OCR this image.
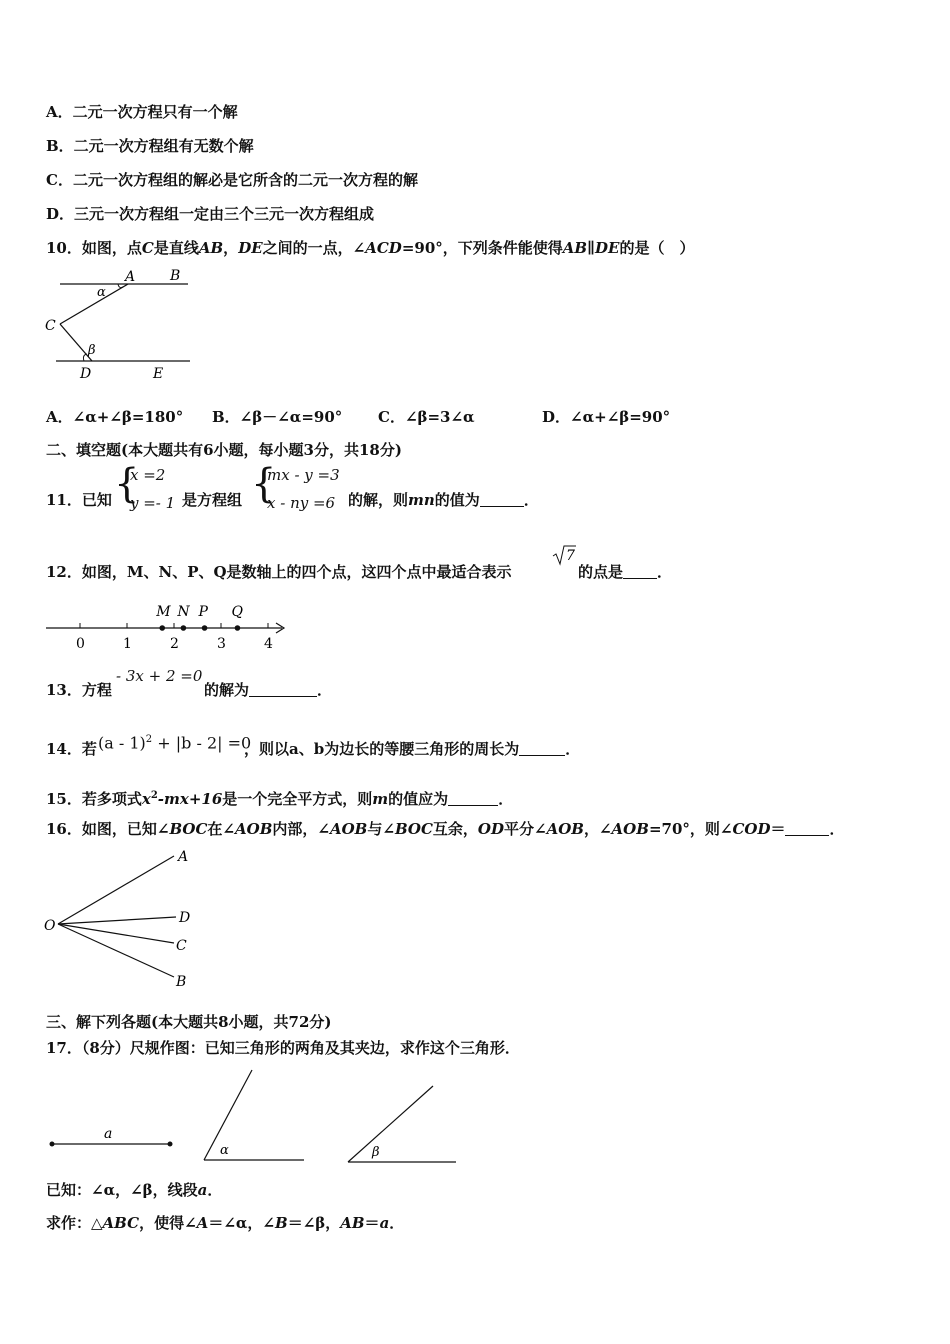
A．二元一次方程只有一个解
B．二元一次方程组有无数个解
C．二元一次方程组的解必是它所含的二元一次方程的解
D．三元一次方程组一定由三个三元一次方程组成
10．如图，点C是直线AB，DE之间的一点，∠ACD=90°，下列条件能使得AB∥DE的是（　）
A B
C
D	E
α
β
A．∠α+∠β=180° B．∠β－∠α=90° C．∠β=3∠α	D．∠α+∠β=90°
二、填空题(本大题共有6小题，每小题3分，共18分)
11．已知 {
x =2
y =- 1 是方程组 {
mx - y =3
x - ny =6 的解，则mn的值为	．
12．如图，M、N、P、Q是数轴上的四个点，这四个点中最适合表示
7
的点是 ．
0	1	2	3	4
M N P Q
13．方程
- 3x + 2 =0
的解为	．
14．若 (a - 1)$^2$ + |b - 2| =0
，则以a、b为边长的等腰三角形的周长为	．
15．若多项式$x^2-mx+16$是一个完全平方式，则m的值应为	．
16．如图，已知∠BOC在∠AOB内部，∠AOB与∠BOC互余，OD平分∠AOB，∠AOB=70°，则∠COD＝	．
O
A
D
C
B
三、解下列各题(本大题共8小题，共72分)
17．（8分）尺规作图：已知三角形的两角及其夹边，求作这个三角形．
a
α	β
已知：∠α，∠β，线段a．
求作：△ABC，使得∠A＝∠α，∠B＝∠β，AB＝a．
